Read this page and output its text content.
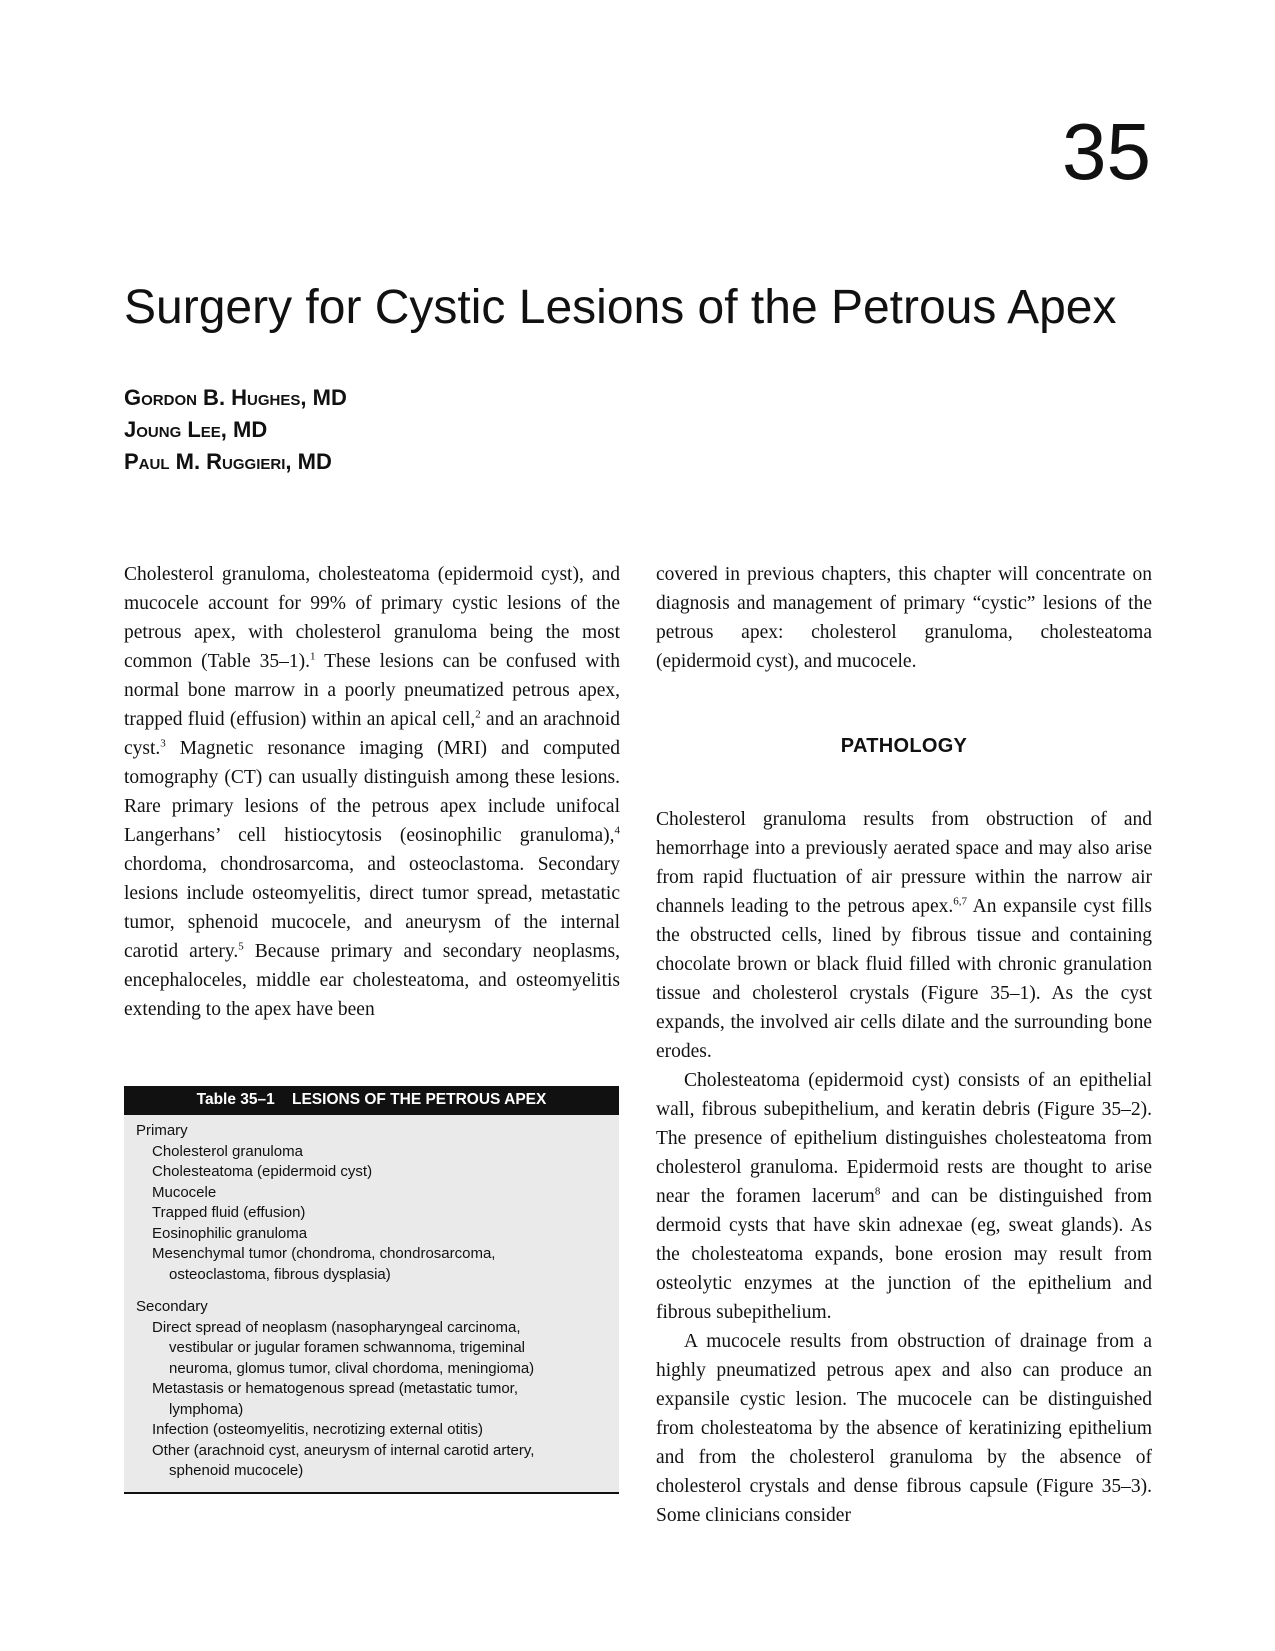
35
Surgery for Cystic Lesions of the Petrous Apex
Gordon B. Hughes, MD
Joung Lee, MD
Paul M. Ruggieri, MD

Cholesterol granuloma, cholesteatoma (epidermoid cyst), and mucocele account for 99% of primary cystic lesions of the petrous apex, with cholesterol granuloma being the most common (Table 35–1).$^1$ These lesions can be confused with normal bone marrow in a poorly pneumatized petrous apex, trapped fluid (effusion) within an apical cell,$^2$ and an arachnoid cyst.$^3$ Magnetic resonance imaging (MRI) and computed tomography (CT) can usually distinguish among these lesions. Rare primary lesions of the petrous apex include unifocal Langerhans’ cell histiocytosis (eosinophilic granuloma),$^4$ chordoma, chondrosarcoma, and osteoclastoma. Secondary lesions include osteomyelitis, direct tumor spread, metastatic tumor, sphenoid mucocele, and aneurysm of the internal carotid artery.$^5$ Because primary and secondary neoplasms, encephaloceles, middle ear cholesteatoma, and osteomyelitis extending to the apex have been

Table 35–1    LESIONS OF THE PETROUS APEX
Primary
Cholesterol granuloma
Cholesteatoma (epidermoid cyst)
Mucocele
Trapped fluid (effusion)
Eosinophilic granuloma
Mesenchymal tumor (chondroma, chondrosarcoma,
osteoclastoma, fibrous dysplasia)
Secondary
Direct spread of neoplasm (nasopharyngeal carcinoma,
vestibular or jugular foramen schwannoma, trigeminal
neuroma, glomus tumor, clival chordoma, meningioma)
Metastasis or hematogenous spread (metastatic tumor,
lymphoma)
Infection (osteomyelitis, necrotizing external otitis)
Other (arachnoid cyst, aneurysm of internal carotid artery,
sphenoid mucocele)

covered in previous chapters, this chapter will concentrate on diagnosis and management of primary “cystic” lesions of the petrous apex: cholesterol granuloma, cholesteatoma (epidermoid cyst), and mucocele.

PATHOLOGY

Cholesterol granuloma results from obstruction of and hemorrhage into a previously aerated space and may also arise from rapid fluctuation of air pressure within the narrow air channels leading to the petrous apex.$^{6,7}$ An expansile cyst fills the obstructed cells, lined by fibrous tissue and containing chocolate brown or black fluid filled with chronic granulation tissue and cholesterol crystals (Figure 35–1). As the cyst expands, the involved air cells dilate and the surrounding bone erodes.

Cholesteatoma (epidermoid cyst) consists of an epithelial wall, fibrous subepithelium, and keratin debris (Figure 35–2). The presence of epithelium distinguishes cholesteatoma from cholesterol granuloma. Epidermoid rests are thought to arise near the foramen lacerum$^8$ and can be distinguished from dermoid cysts that have skin adnexae (eg, sweat glands). As the cholesteatoma expands, bone erosion may result from osteolytic enzymes at the junction of the epithelium and fibrous subepithelium.

A mucocele results from obstruction of drainage from a highly pneumatized petrous apex and also can produce an expansile cystic lesion. The mucocele can be distinguished from cholesteatoma by the absence of keratinizing epithelium and from the cholesterol granuloma by the absence of cholesterol crystals and dense fibrous capsule (Figure 35–3). Some clinicians consider
